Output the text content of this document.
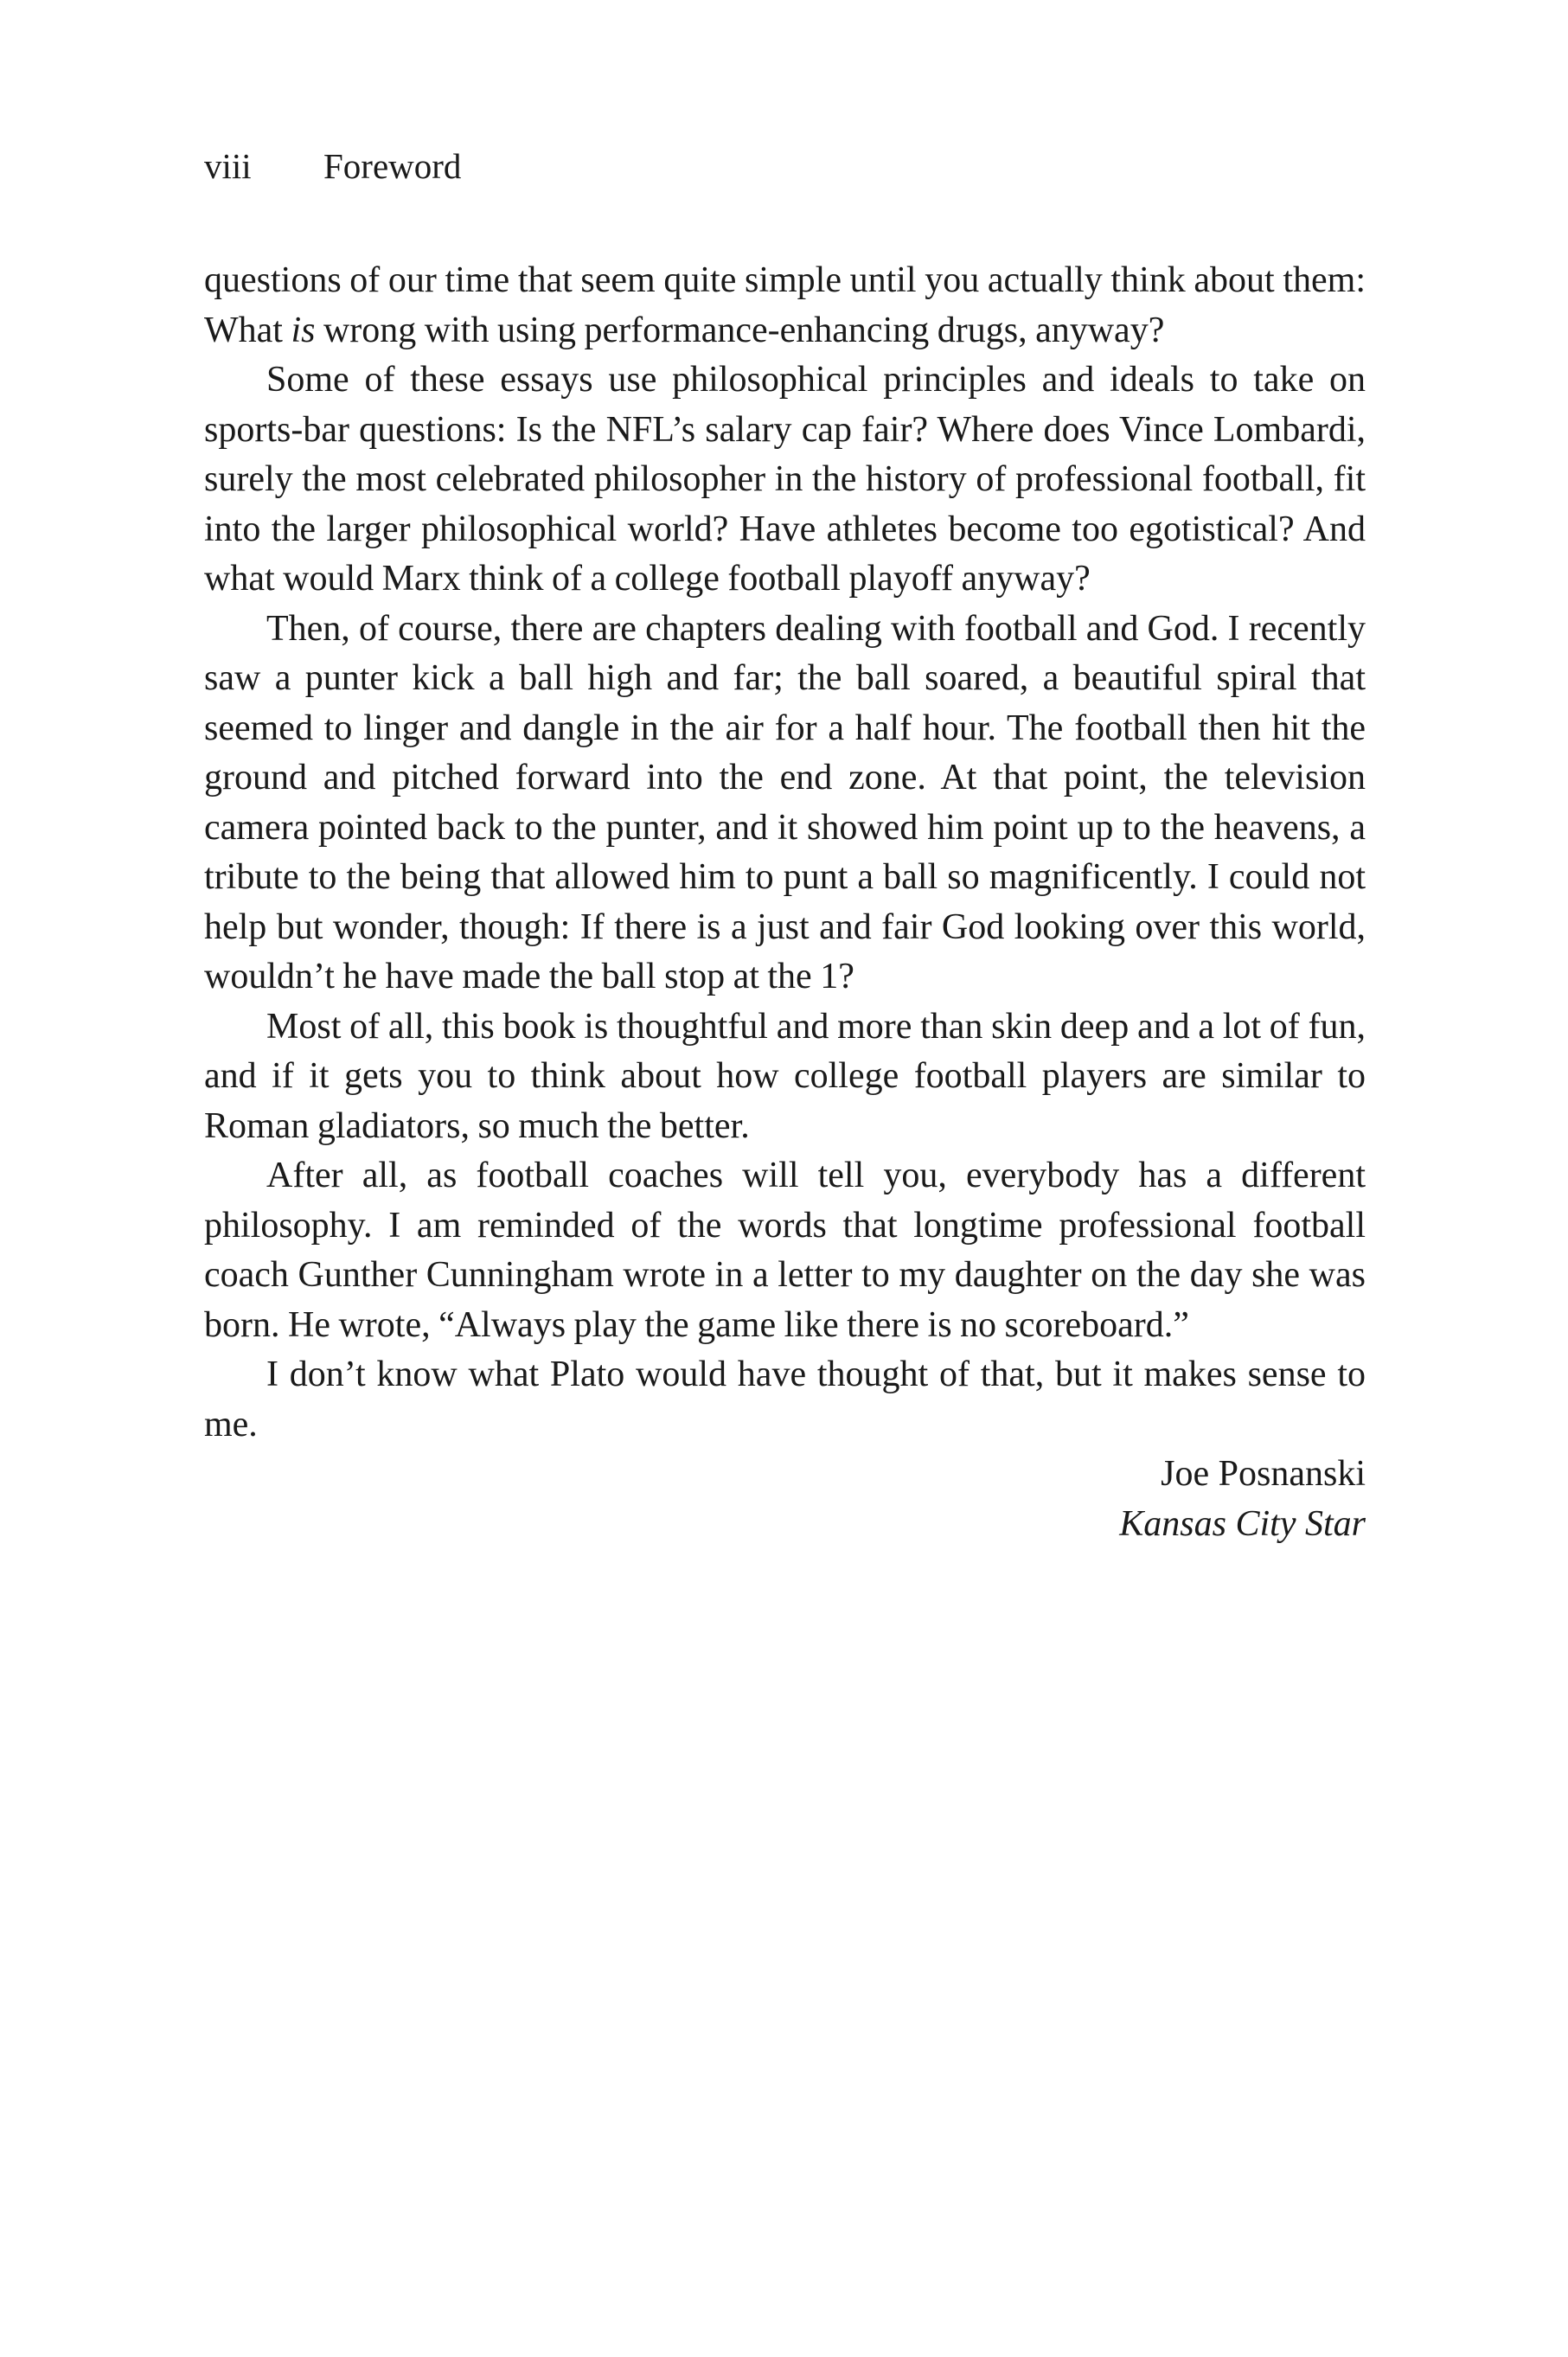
viii Foreword

questions of our time that seem quite simple until you actually think about them: What is wrong with using performance-enhancing drugs, anyway?

Some of these essays use philosophical principles and ideals to take on sports-bar questions: Is the NFL’s salary cap fair? Where does Vince Lombardi, surely the most celebrated philosopher in the history of professional football, fit into the larger philosophical world? Have athletes become too egotistical? And what would Marx think of a college football playoff anyway?

Then, of course, there are chapters dealing with football and God. I recently saw a punter kick a ball high and far; the ball soared, a beautiful spiral that seemed to linger and dangle in the air for a half hour. The football then hit the ground and pitched forward into the end zone. At that point, the television camera pointed back to the punter, and it showed him point up to the heavens, a tribute to the being that allowed him to punt a ball so magnificently. I could not help but wonder, though: If there is a just and fair God looking over this world, wouldn’t he have made the ball stop at the 1?

Most of all, this book is thoughtful and more than skin deep and a lot of fun, and if it gets you to think about how college football players are similar to Roman gladiators, so much the better.

After all, as football coaches will tell you, everybody has a different philosophy. I am reminded of the words that longtime professional football coach Gunther Cunningham wrote in a letter to my daughter on the day she was born. He wrote, “Always play the game like there is no scoreboard.”

I don’t know what Plato would have thought of that, but it makes sense to me.

Joe Posnanski
Kansas City Star
